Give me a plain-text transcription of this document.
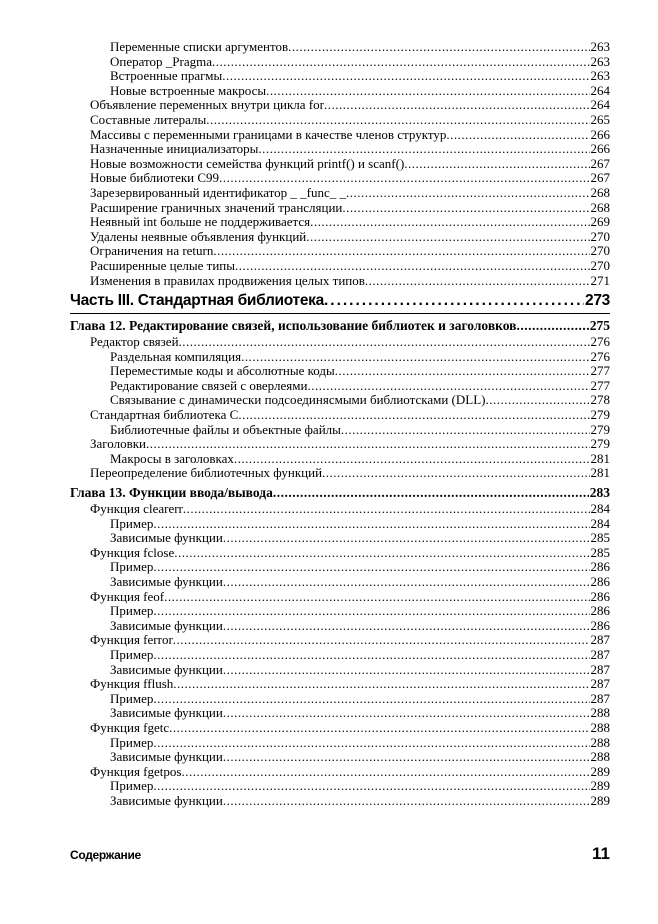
Переменные списки аргументов .....	263
Оператор _Pragma .....	263
Встроенные прагмы .....	263
Новые встроенные макросы .....	264
Объявление переменных внутри цикла for .....	264
Составные литералы .....	265
Массивы с переменными границами в качестве членов структур .....	266
Назначенные инициализаторы .....	266
Новые возможности семейства функций printf() и scanf() .....	267
Новые библиотеки С99 .....	267
Зарезервированный идентификатор _ _func_ _ .....	268
Расширение граничных значений трансляции .....	268
Неявный int больше не поддерживается .....	269
Удалены неявные объявления функций .....	270
Ограничения на return .....	270
Расширенные целые типы .....	270
Изменения в правилах продвижения целых типов .....	271
Часть III. Стандартная библиотека .....	273
Глава 12. Редактирование связей, использование библиотек и заголовков .....	275
Редактор связей .....	276
Раздельная компиляция .....	276
Переместимые коды и абсолютные коды .....	277
Редактирование связей с оверлеями .....	277
Связывание с динамически подсоединясмыми библиотсками (DLL) .....	278
Стандартная библиотека С .....	279
Библиотечные файлы и объектные файлы .....	279
Заголовки .....	279
Макросы в заголовках .....	281
Переопределение библиотечных функций .....	281
Глава 13. Функции ввода/вывода .....	283
Функция clearerr .....	284
Пример .....	284
Зависимые функции .....	285
Функция fclose .....	285
Пример .....	286
Зависимые функции .....	286
Функция feof .....	286
Пример .....	286
Зависимые функции .....	286
Функция ferror .....	287
Пример .....	287
Зависимые функции .....	287
Функция fflush .....	287
Пример .....	287
Зависимые функции .....	288
Функция fgetc .....	288
Пример .....	288
Зависимые функции .....	288
Функция fgetpos .....	289
Пример .....	289
Зависимые функции .....	289
Содержание	11
